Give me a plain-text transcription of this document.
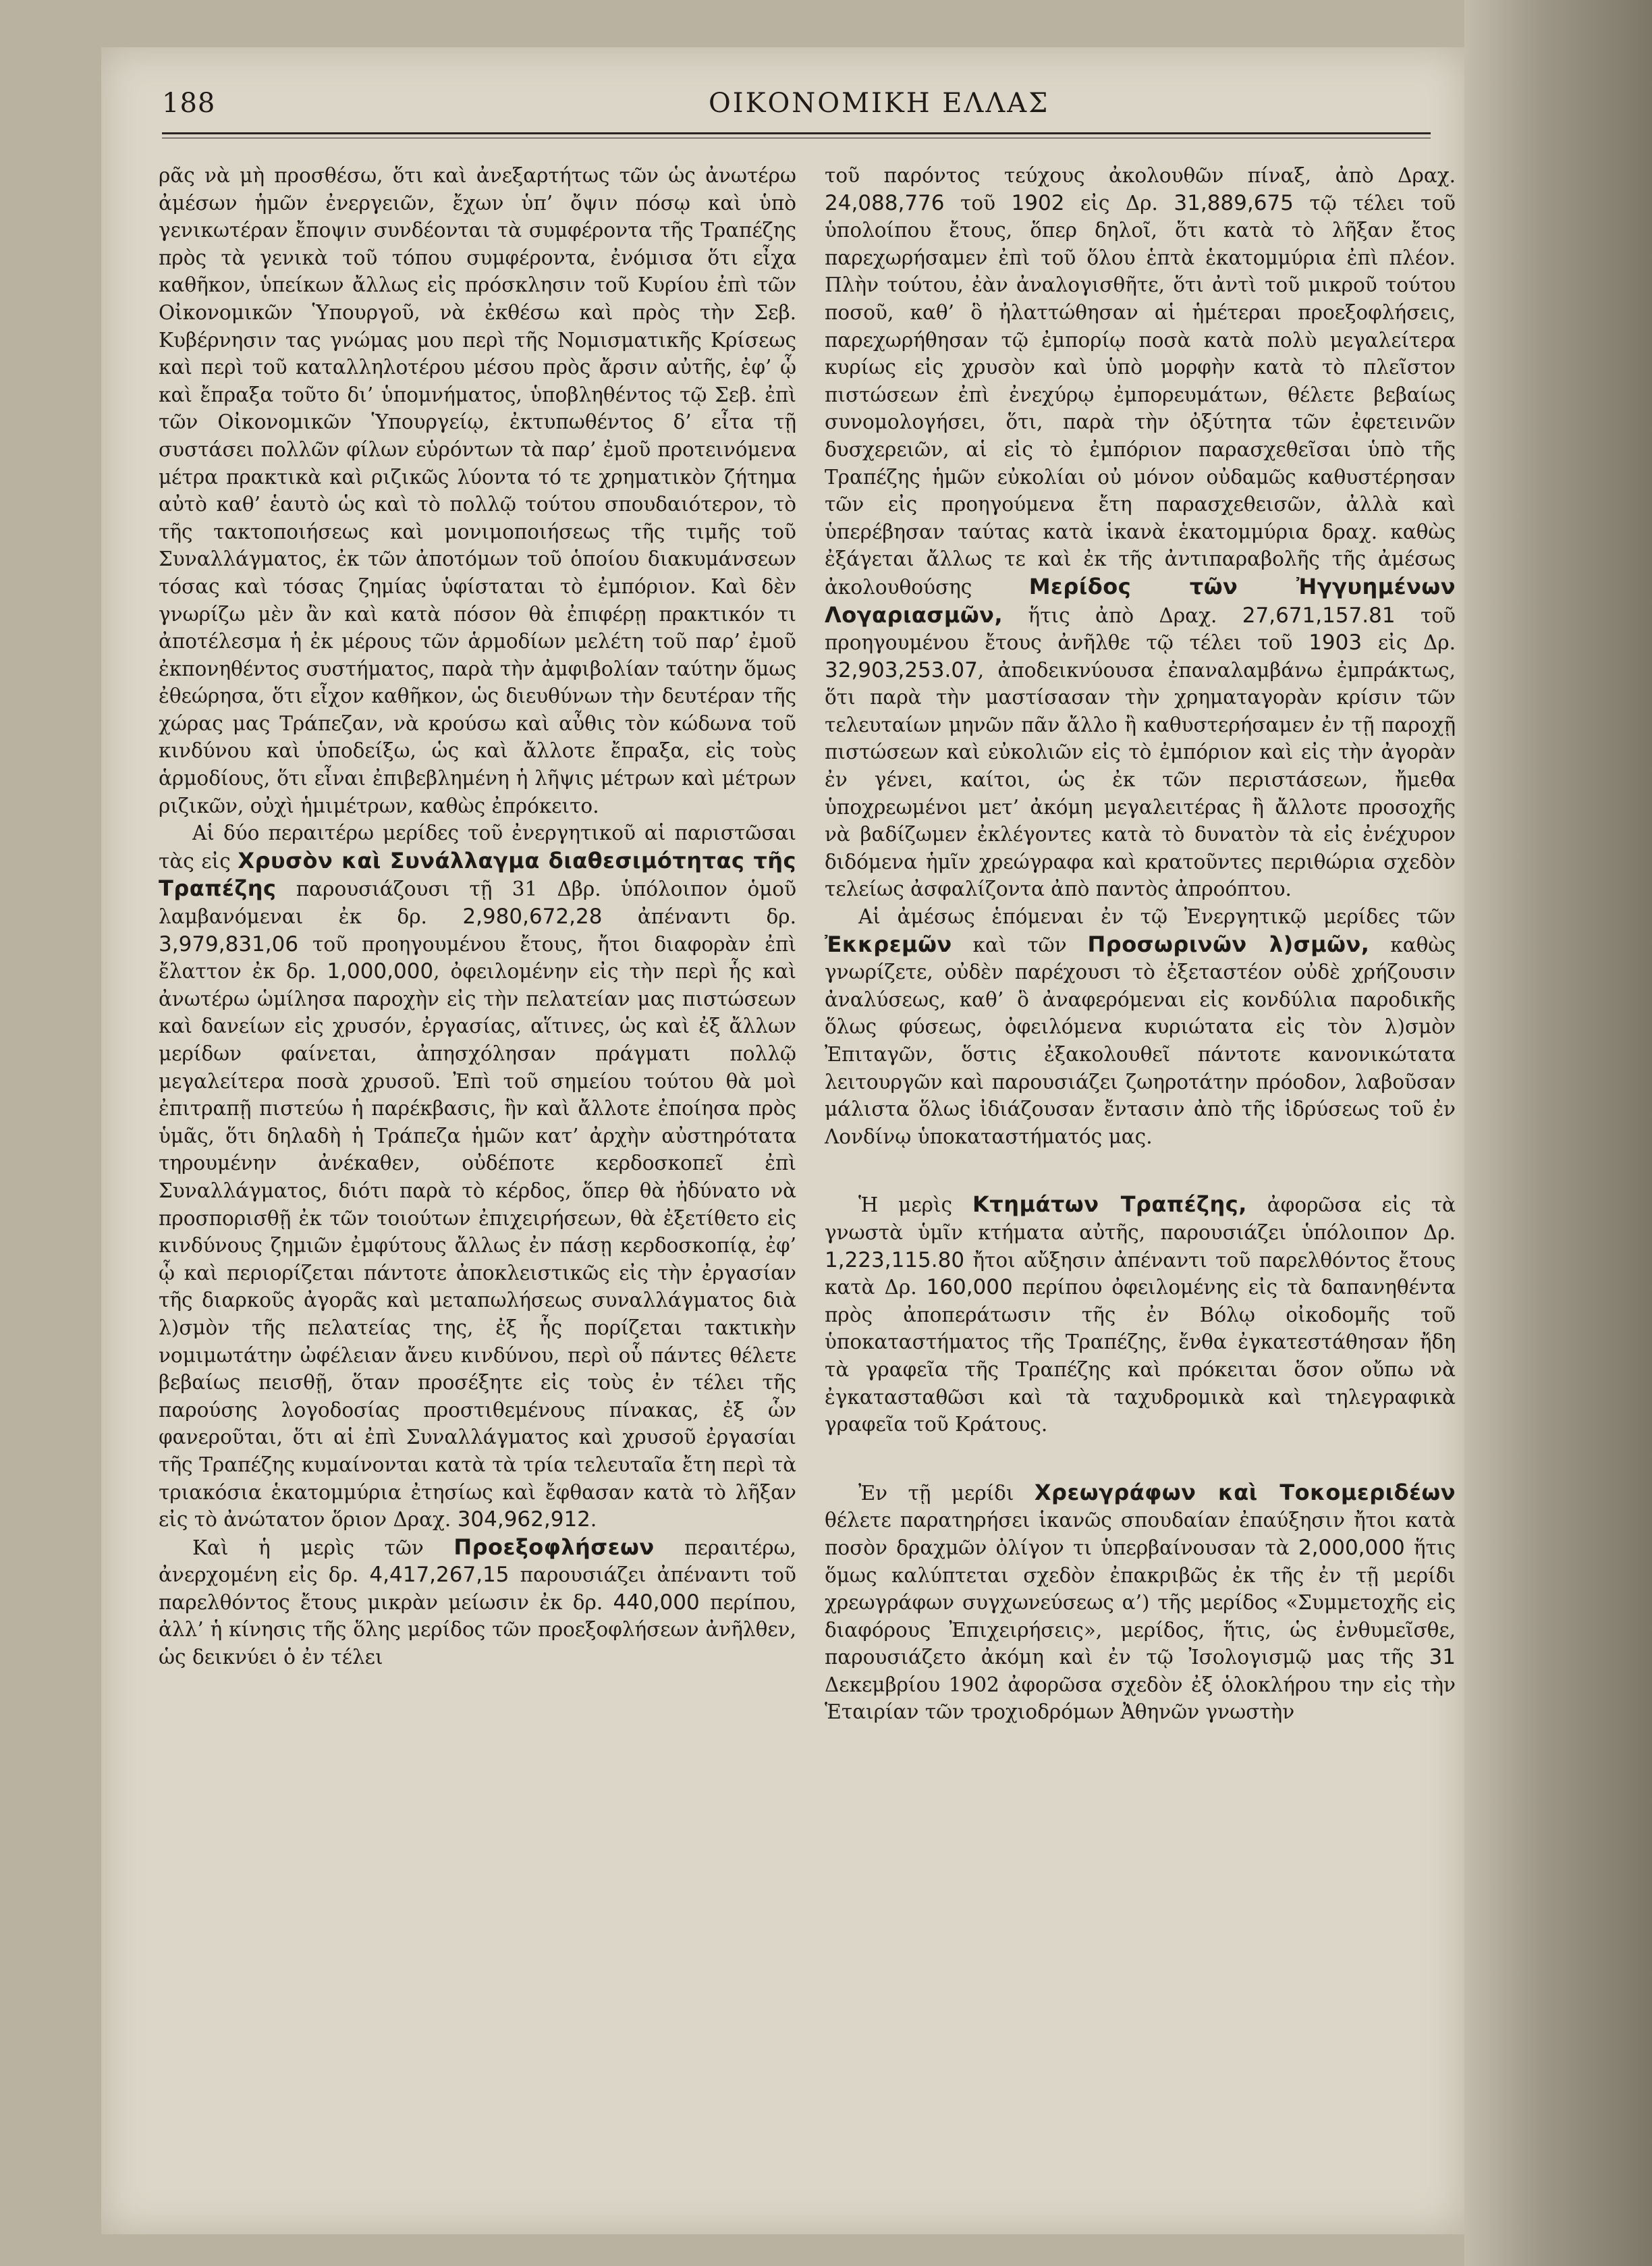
188	ΟΙΚΟΝΟΜΙΚΗ ΕΛΛΑΣ

ρᾶς νὰ μὴ προσθέσω, ὅτι καὶ ἀνεξαρτήτως τῶν ὡς ἀνωτέρω ἀμέσων ἡμῶν ἐνεργειῶν, ἔχων ὑπ’ ὄψιν πόσῳ καὶ ὑπὸ γενικωτέραν ἔποψιν συνδέονται τὰ συμφέροντα τῆς Τραπέζης πρὸς τὰ γενικὰ τοῦ τόπου συμφέροντα, ἐνόμισα ὅτι εἶχα καθῆκον, ὑπείκων ἄλλως εἰς πρόσκλησιν τοῦ Κυρίου ἐπὶ τῶν Οἰκονομικῶν Ὑπουργοῦ, νὰ ἐκθέσω καὶ πρὸς τὴν Σεβ. Κυβέρνησιν τας γνώμας μου περὶ τῆς Νομισματικῆς Κρίσεως καὶ περὶ τοῦ καταλληλοτέρου μέσου πρὸς ἄρσιν αὐτῆς, ἐφ’ ᾧ καὶ ἔπραξα τοῦτο δι’ ὑπομνήματος, ὑποβληθέντος τῷ Σεβ. ἐπὶ τῶν Οἰκονομικῶν Ὑπουργείῳ, ἐκτυπωθέντος δ’ εἶτα τῇ συστάσει πολλῶν φίλων εὑρόντων τὰ παρ’ ἐμοῦ προτεινόμενα μέτρα πρακτικὰ καὶ ριζικῶς λύοντα τό τε χρηματικὸν ζήτημα αὐτὸ καθ’ ἑαυτὸ ὡς καὶ τὸ πολλῷ τούτου σπουδαιότερον, τὸ τῆς τακτοποιήσεως καὶ μονιμοποιήσεως τῆς τιμῆς τοῦ Συναλλάγματος, ἐκ τῶν ἀποτόμων τοῦ ὁποίου διακυμάνσεων τόσας καὶ τόσας ζημίας ὑφίσταται τὸ ἐμπόριον. Καὶ δὲν γνωρίζω μὲν ἂν καὶ κατὰ πόσον θὰ ἐπιφέρῃ πρακτικόν τι ἀποτέλεσμα ἡ ἐκ μέρους τῶν ἁρμοδίων μελέτη τοῦ παρ’ ἐμοῦ ἐκπονηθέντος συστήματος, παρὰ τὴν ἀμφιβολίαν ταύτην ὅμως ἐθεώρησα, ὅτι εἶχον καθῆκον, ὡς διευθύνων τὴν δευτέραν τῆς χώρας μας Τράπεζαν, νὰ κρούσω καὶ αὖθις τὸν κώδωνα τοῦ κινδύνου καὶ ὑποδείξω, ὡς καὶ ἄλλοτε ἔπραξα, εἰς τοὺς ἁρμοδίους, ὅτι εἶναι ἐπιβεβλημένη ἡ λῆψις μέτρων καὶ μέτρων ριζικῶν, οὐχὶ ἡμιμέτρων, καθὼς ἐπρόκειτο.

Αἱ δύο περαιτέρω μερίδες τοῦ ἐνεργητικοῦ αἱ παριστῶσαι τὰς εἰς Χρυσὸν καὶ Συνάλλαγμα διαθεσιμότητας τῆς Τραπέζης παρουσιάζουσι τῇ 31 Δβρ. ὑπόλοιπον ὁμοῦ λαμβανόμεναι ἐκ δρ. 2,980,672,28 ἀπέναντι δρ. 3,979,831,06 τοῦ προηγουμένου ἔτους, ἤτοι διαφορὰν ἐπὶ ἔλαττον ἐκ δρ. 1,000,000, ὀφειλομένην εἰς τὴν περὶ ἧς καὶ ἀνωτέρω ὡμίλησα παροχὴν εἰς τὴν πελατείαν μας πιστώσεων καὶ δανείων εἰς χρυσόν, ἐργασίας, αἵτινες, ὡς καὶ ἐξ ἄλλων μερίδων φαίνεται, ἀπησχόλησαν πράγματι πολλῷ μεγαλείτερα ποσὰ χρυσοῦ. Ἐπὶ τοῦ σημείου τούτου θὰ μοὶ ἐπιτραπῇ πιστεύω ἡ παρέκβασις, ἣν καὶ ἄλλοτε ἐποίησα πρὸς ὑμᾶς, ὅτι δηλαδὴ ἡ Τράπεζα ἡμῶν κατ’ ἀρχὴν αὐστηρότατα τηρουμένην ἀνέκαθεν, οὐδέποτε κερδοσκοπεῖ ἐπὶ Συναλλάγματος, διότι παρὰ τὸ κέρδος, ὅπερ θὰ ἠδύνατο νὰ προσπορισθῇ ἐκ τῶν τοιούτων ἐπιχειρήσεων, θὰ ἐξετίθετο εἰς κινδύνους ζημιῶν ἐμφύτους ἄλλως ἐν πάσῃ κερδοσκοπίᾳ, ἐφ’ ᾧ καὶ περιορίζεται πάντοτε ἀποκλειστικῶς εἰς τὴν ἐργασίαν τῆς διαρκοῦς ἀγορᾶς καὶ μεταπωλήσεως συναλλάγματος διὰ λ)σμὸν τῆς πελατείας της, ἐξ ἧς πορίζεται τακτικὴν νομιμωτάτην ὠφέλειαν ἄνευ κινδύνου, περὶ οὗ πάντες θέλετε βεβαίως πεισθῇ, ὅταν προσέξητε εἰς τοὺς ἐν τέλει τῆς παρούσης λογοδοσίας προστιθεμένους πίνακας, ἐξ ὧν φανεροῦται, ὅτι αἱ ἐπὶ Συναλλάγματος καὶ χρυσοῦ ἐργασίαι τῆς Τραπέζης κυμαίνονται κατὰ τὰ τρία τελευταῖα ἔτη περὶ τὰ τριακόσια ἑκατομμύρια ἐτησίως καὶ ἔφθασαν κατὰ τὸ λῆξαν εἰς τὸ ἀνώτατον ὅριον Δραχ. 304,962,912.

Καὶ ἡ μερὶς τῶν Προεξοφλήσεων περαιτέρω, ἀνερχομένη εἰς δρ. 4,417,267,15 παρουσιάζει ἀπέναντι τοῦ παρελθόντος ἔτους μικρὰν μείωσιν ἐκ δρ. 440,000 περίπου, ἀλλ’ ἡ κίνησις τῆς ὅλης μερίδος τῶν προεξοφλήσεων ἀνῆλθεν, ὡς δεικνύει ὁ ἐν τέλει

τοῦ παρόντος τεύχους ἀκολουθῶν πίναξ, ἀπὸ Δραχ. 24,088,776 τοῦ 1902 εἰς Δρ. 31,889,675 τῷ τέλει τοῦ ὑπολοίπου ἔτους, ὅπερ δηλοῖ, ὅτι κατὰ τὸ λῆξαν ἔτος παρεχωρήσαμεν ἐπὶ τοῦ ὅλου ἑπτὰ ἑκατομμύρια ἐπὶ πλέον. Πλὴν τούτου, ἐὰν ἀναλογισθῆτε, ὅτι ἀντὶ τοῦ μικροῦ τούτου ποσοῦ, καθ’ ὃ ἠλαττώθησαν αἱ ἡμέτεραι προεξοφλήσεις, παρεχωρήθησαν τῷ ἐμπορίῳ ποσὰ κατὰ πολὺ μεγαλείτερα κυρίως εἰς χρυσὸν καὶ ὑπὸ μορφὴν κατὰ τὸ πλεῖστον πιστώσεων ἐπὶ ἐνεχύρῳ ἐμπορευμάτων, θέλετε βεβαίως συνομολογήσει, ὅτι, παρὰ τὴν ὀξύτητα τῶν ἐφετεινῶν δυσχερειῶν, αἱ εἰς τὸ ἐμπόριον παρασχεθεῖσαι ὑπὸ τῆς Τραπέζης ἡμῶν εὐκολίαι οὐ μόνον οὐδαμῶς καθυστέρησαν τῶν εἰς προηγούμενα ἔτη παρασχεθεισῶν, ἀλλὰ καὶ ὑπερέβησαν ταύτας κατὰ ἱκανὰ ἑκατομμύρια δραχ. καθὼς ἐξάγεται ἄλλως τε καὶ ἐκ τῆς ἀντιπαραβολῆς τῆς ἀμέσως ἀκολουθούσης Μερίδος τῶν Ἠγγυημένων Λογαριασμῶν, ἥτις ἀπὸ Δραχ. 27,671,157.81 τοῦ προηγουμένου ἔτους ἀνῆλθε τῷ τέλει τοῦ 1903 εἰς Δρ. 32,903,253.07, ἀποδεικνύουσα ἐπαναλαμβάνω ἐμπράκτως, ὅτι παρὰ τὴν μαστίσασαν τὴν χρηματαγορὰν κρίσιν τῶν τελευταίων μηνῶν πᾶν ἄλλο ἢ καθυστερήσαμεν ἐν τῇ παροχῇ πιστώσεων καὶ εὐκολιῶν εἰς τὸ ἐμπόριον καὶ εἰς τὴν ἀγορὰν ἐν γένει, καίτοι, ὡς ἐκ τῶν περιστάσεων, ἤμεθα ὑποχρεωμένοι μετ’ ἀκόμη μεγαλειτέρας ἢ ἄλλοτε προσοχῆς νὰ βαδίζωμεν ἐκλέγοντες κατὰ τὸ δυνατὸν τὰ εἰς ἐνέχυρον διδόμενα ἡμῖν χρεώγραφα καὶ κρατοῦντες περιθώρια σχεδὸν τελείως ἀσφαλίζοντα ἀπὸ παντὸς ἀπροόπτου.

Αἱ ἀμέσως ἑπόμεναι ἐν τῷ Ἐνεργητικῷ μερίδες τῶν Ἐκκρεμῶν καὶ τῶν Προσωρινῶν λ)σμῶν, καθὼς γνωρίζετε, οὐδὲν παρέχουσι τὸ ἐξεταστέον οὐδὲ χρήζουσιν ἀναλύσεως, καθ’ ὃ ἀναφερόμεναι εἰς κονδύλια παροδικῆς ὅλως φύσεως, ὀφειλόμενα κυριώτατα εἰς τὸν λ)σμὸν Ἐπιταγῶν, ὅστις ἐξακολουθεῖ πάντοτε κανονικώτατα λειτουργῶν καὶ παρουσιάζει ζωηροτάτην πρόοδον, λαβοῦσαν μάλιστα ὅλως ἰδιάζουσαν ἔντασιν ἀπὸ τῆς ἱδρύσεως τοῦ ἐν Λονδίνῳ ὑποκαταστήματός μας.

Ἡ μερὶς Κτημάτων Τραπέζης, ἀφορῶσα εἰς τὰ γνωστὰ ὑμῖν κτήματα αὐτῆς, παρουσιάζει ὑπόλοιπον Δρ. 1,223,115.80 ἤτοι αὔξησιν ἀπέναντι τοῦ παρελθόντος ἔτους κατὰ Δρ. 160,000 περίπου ὀφειλομένης εἰς τὰ δαπανηθέντα πρὸς ἀποπεράτωσιν τῆς ἐν Βόλῳ οἰκοδομῆς τοῦ ὑποκαταστήματος τῆς Τραπέζης, ἔνθα ἐγκατεστάθησαν ἤδη τὰ γραφεῖα τῆς Τραπέζης καὶ πρόκειται ὅσον οὔπω νὰ ἐγκατασταθῶσι καὶ τὰ ταχυδρομικὰ καὶ τηλεγραφικὰ γραφεῖα τοῦ Κράτους.

Ἐν τῇ μερίδι Χρεωγράφων καὶ Τοκομεριδέων θέλετε παρατηρήσει ἱκανῶς σπουδαίαν ἐπαύξησιν ἤτοι κατὰ ποσὸν δραχμῶν ὀλίγον τι ὑπερβαίνουσαν τὰ 2,000,000 ἥτις ὅμως καλύπτεται σχεδὸν ἐπακριβῶς ἐκ τῆς ἐν τῇ μερίδι χρεωγράφων συγχωνεύσεως α’) τῆς μερίδος «Συμμετοχῆς εἰς διαφόρους Ἐπιχειρήσεις», μερίδος, ἥτις, ὡς ἐνθυμεῖσθε, παρουσιάζετο ἀκόμη καὶ ἐν τῷ Ἰσολογισμῷ μας τῆς 31 Δεκεμβρίου 1902 ἀφορῶσα σχεδὸν ἐξ ὁλοκλήρου την εἰς τὴν Ἑταιρίαν τῶν τροχιοδρόμων Ἀθηνῶν γνωστὴν
